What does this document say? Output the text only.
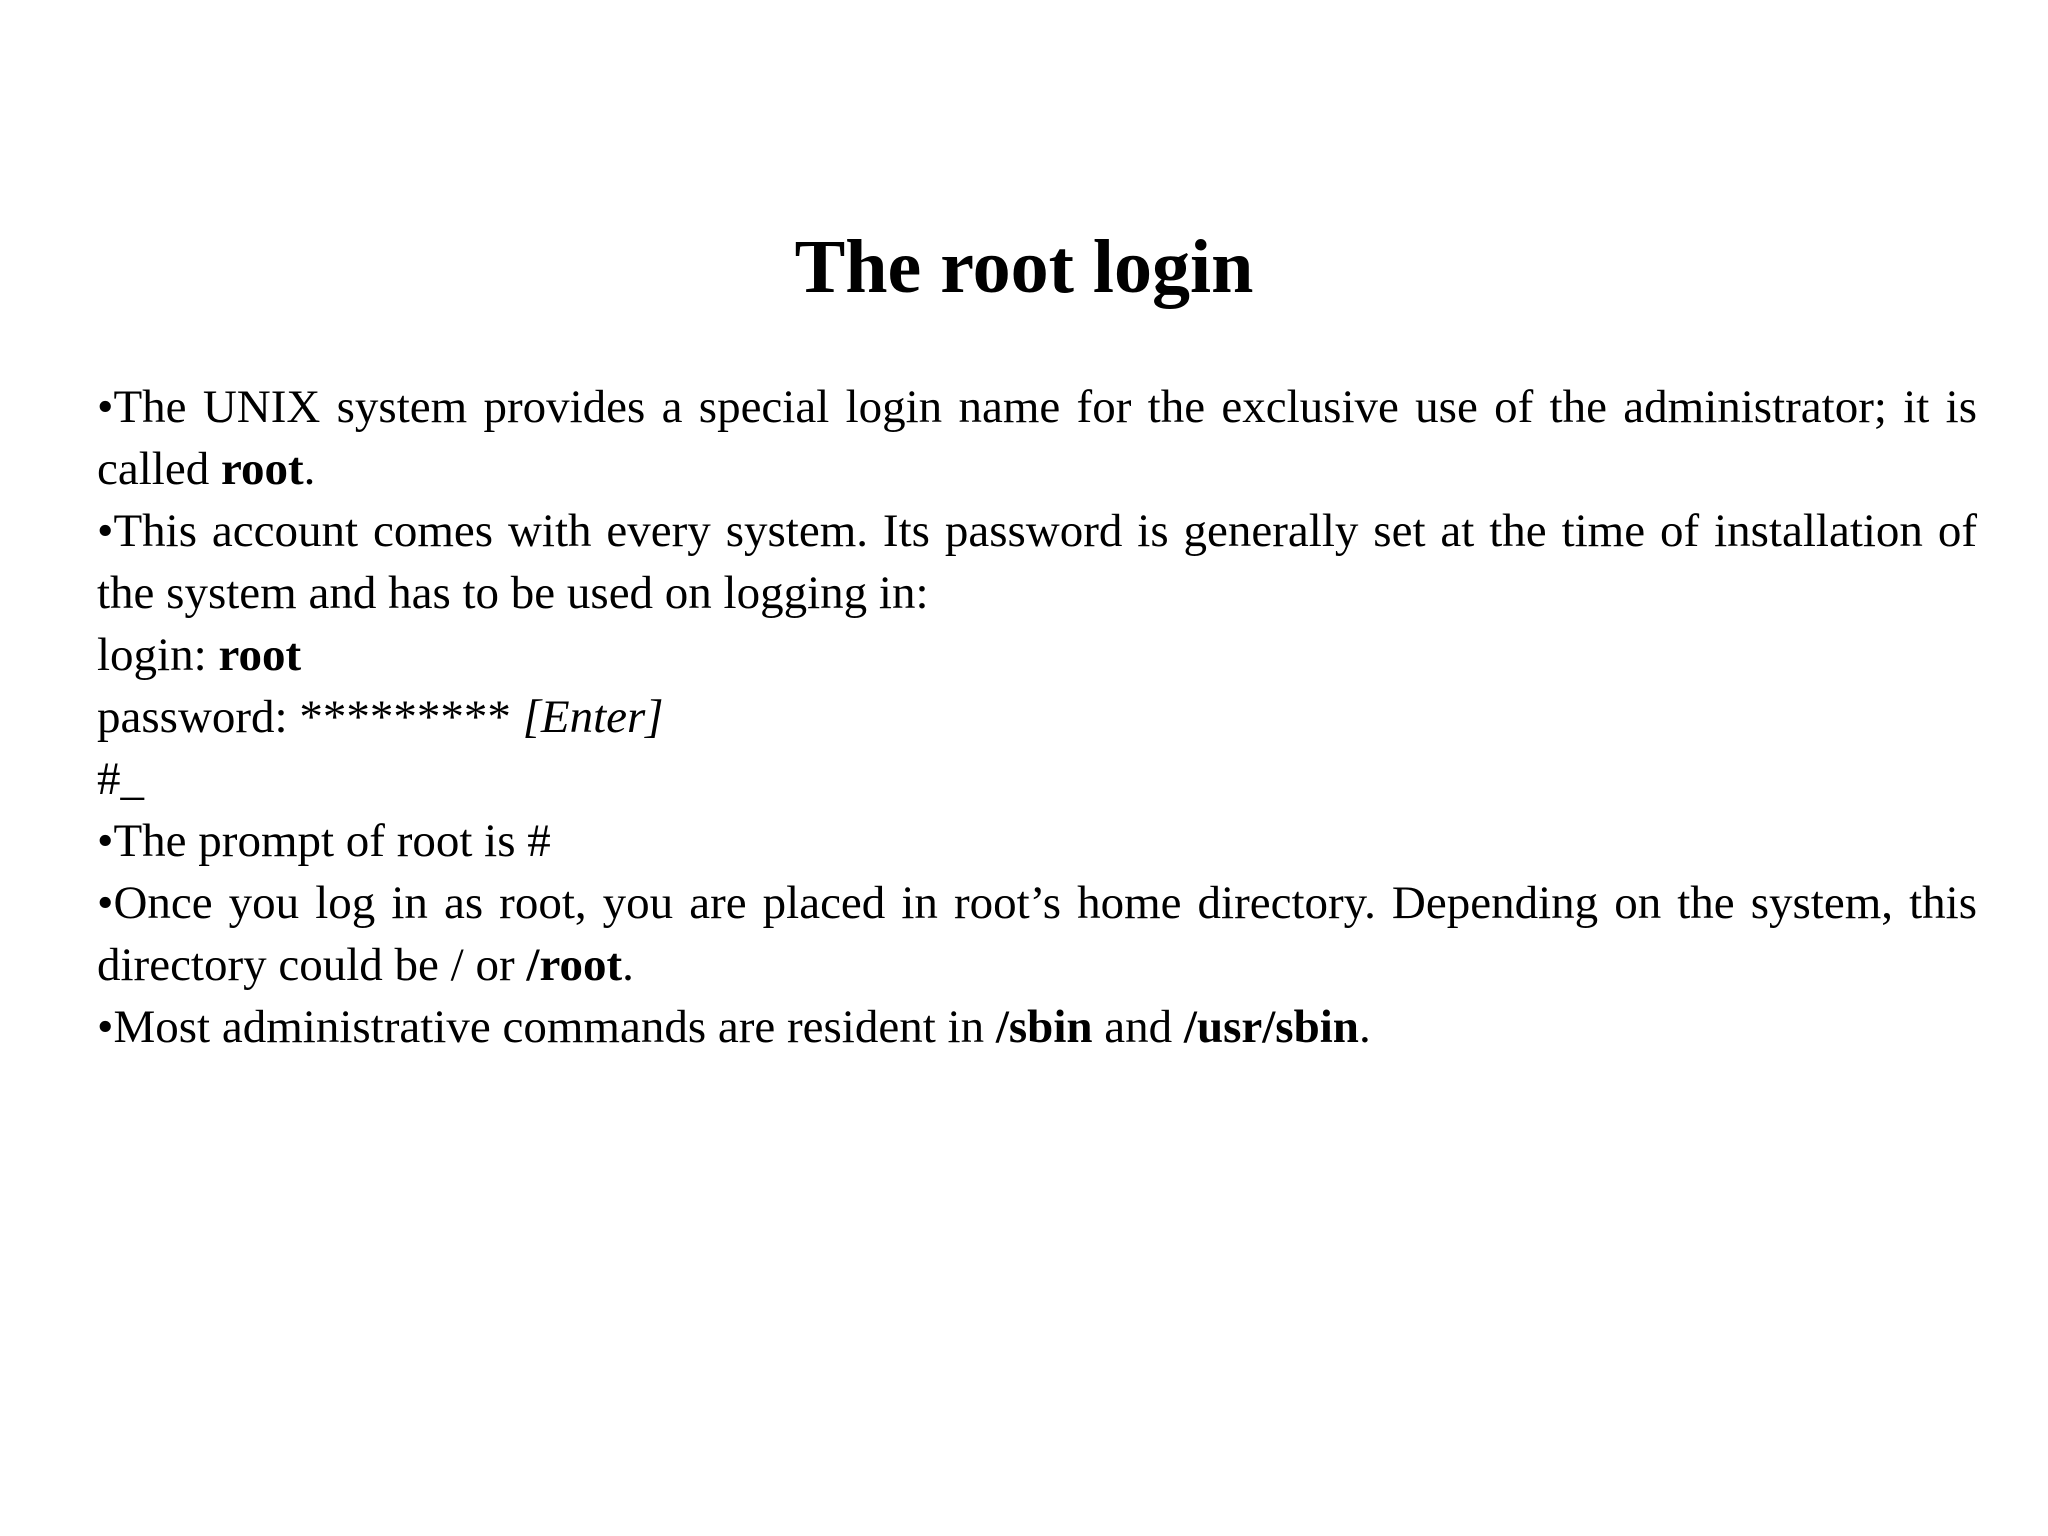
The root login

•The UNIX system provides a special login name for the exclusive use of the administrator; it is called root.

•This account comes with every system. Its password is generally set at the time of installation of the system and has to be used on logging in:

login: root

password: ********* [Enter]

#_

•The prompt of root is #

•Once you log in as root, you are placed in root’s home directory. Depending on the system, this directory could be / or /root.

•Most administrative commands are resident in /sbin and /usr/sbin.
